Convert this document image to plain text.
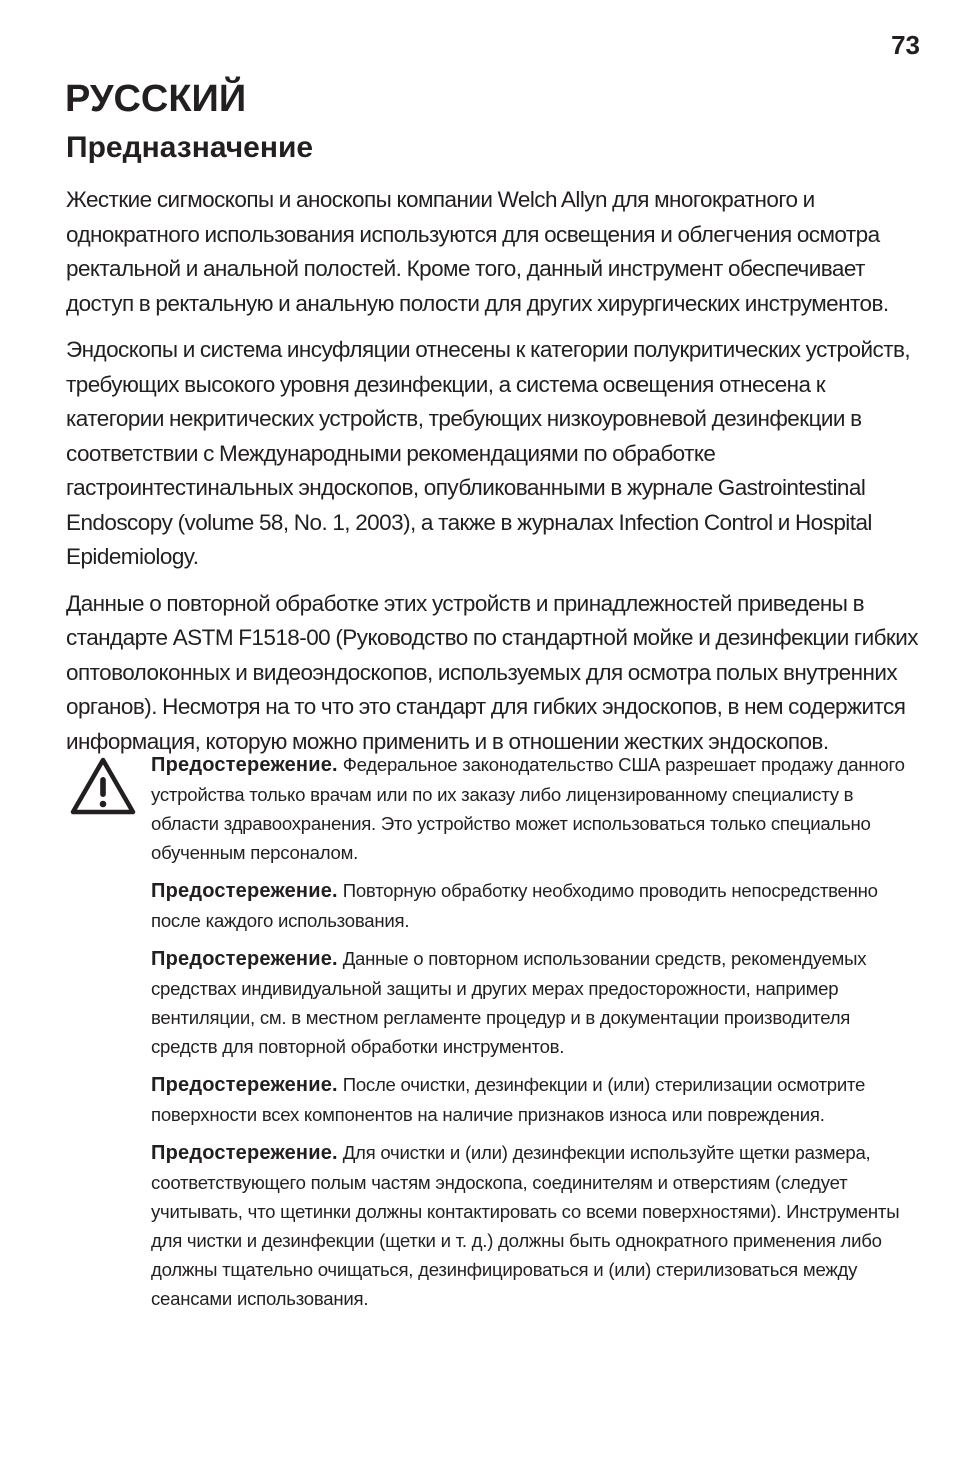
73
РУССКИЙ
Предназначение

Жесткие сигмоскопы и аноскопы компании Welch Allyn для многократного и однократного использования используются для освещения и облегчения осмотра ректальной и анальной полостей. Кроме того, данный инструмент обеспечивает доступ в ректальную и анальную полости для других хирургических инструментов.

Эндоскопы и система инсуфляции отнесены к категории полукритических устройств, требующих высокого уровня дезинфекции, а система освещения отнесена к категории некритических устройств, требующих низкоуровневой дезинфекции в соответствии с Международными рекомендациями по обработке гастроинтестинальных эндоскопов, опубликованными в журнале Gastrointestinal Endoscopy (volume 58, No. 1, 2003), а также в журналах Infection Control и Hospital Epidemiology.

Данные о повторной обработке этих устройств и принадлежностей приведены в стандарте ASTM F1518-00 (Руководство по стандартной мойке и дезинфекции гибких оптоволоконных и видеоэндоскопов, используемых для осмотра полых внутренних органов). Несмотря на то что это стандарт для гибких эндоскопов, в нем содержится информация, которую можно применить и в отношении жестких эндоскопов.

Предостережение. Федеральное законодательство США разрешает продажу данного устройства только врачам или по их заказу либо лицензированному специалисту в области здравоохранения. Это устройство может использоваться только специально обученным персоналом.

Предостережение. Повторную обработку необходимо проводить непосредственно после каждого использования.

Предостережение. Данные о повторном использовании средств, рекомендуемых средствах индивидуальной защиты и других мерах предосторожности, например вентиляции, см. в местном регламенте процедур и в документации производителя средств для повторной обработки инструментов.

Предостережение. После очистки, дезинфекции и (или) стерилизации осмотрите поверхности всех компонентов на наличие признаков износа или повреждения.

Предостережение. Для очистки и (или) дезинфекции используйте щетки размера, соответствующего полым частям эндоскопа, соединителям и отверстиям (следует учитывать, что щетинки должны контактировать со всеми поверхностями). Инструменты для чистки и дезинфекции (щетки и т. д.) должны быть однократного применения либо должны тщательно очищаться, дезинфицироваться и (или) стерилизоваться между сеансами использования.
